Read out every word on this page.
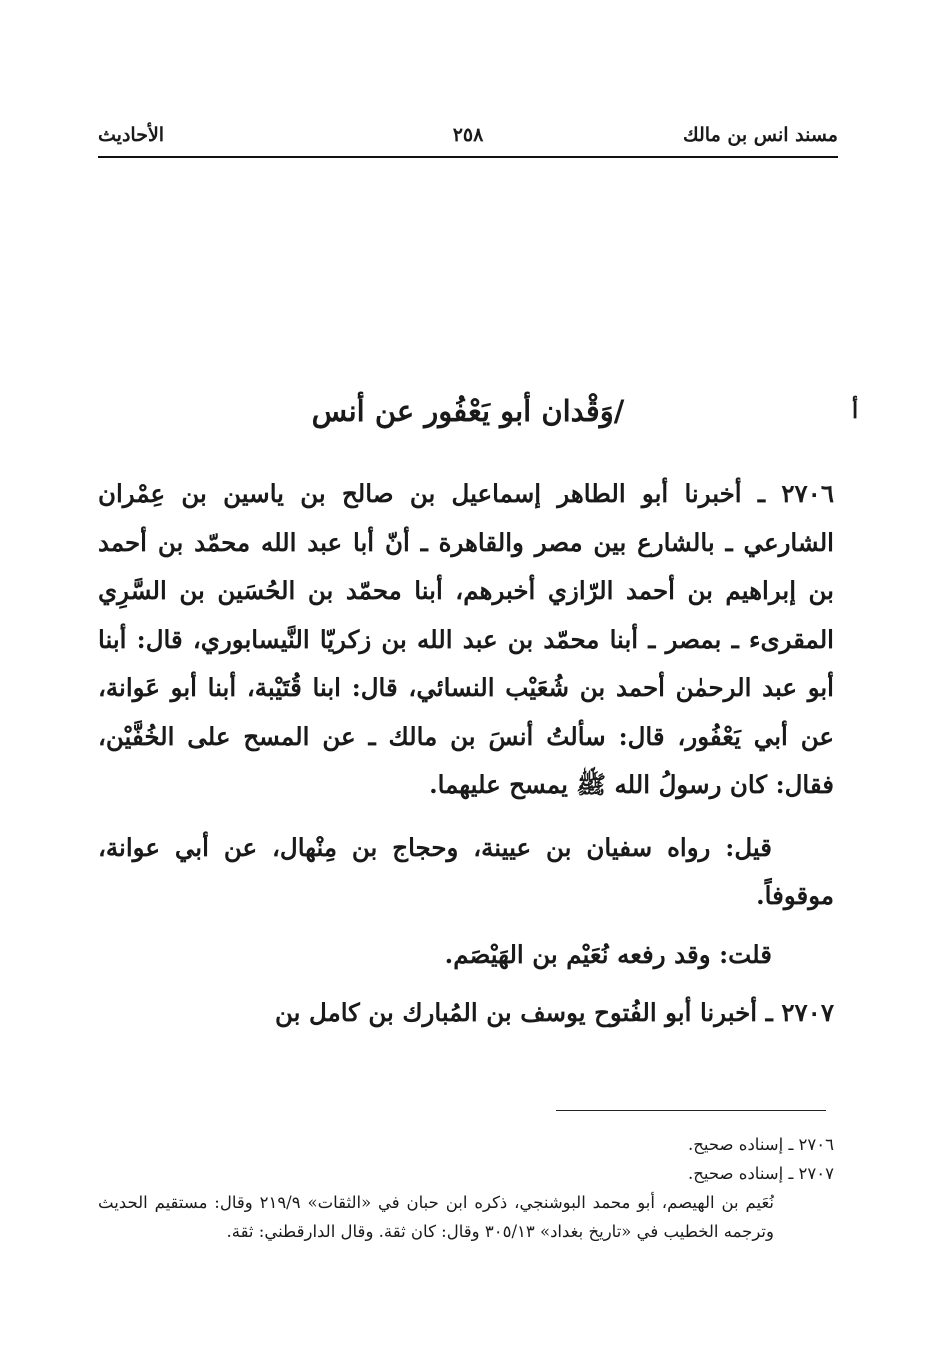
مسند انس بن مالك
٢٥٨
الأحاديث
أ
/وَقْدان أبو يَعْفُور عن أنس

٢٧٠٦ ـ أخبرنا أبو الطاهر إسماعيل بن صالح بن ياسين بن عِمْران الشارعي ـ بالشارع بين مصر والقاهرة ـ أنّ أبا عبد الله محمّد بن أحمد بن إبراهيم بن أحمد الرّازي أخبرهم، أبنا محمّد بن الحُسَين بن السَّرِي المقرىء ـ بمصر ـ أبنا محمّد بن عبد الله بن زكريّا النَّيسابوري، قال: أبنا أبو عبد الرحمٰن أحمد بن شُعَيْب النسائي، قال: ابنا قُتَيْبة، أبنا أبو عَوانة، عن أبي يَعْفُور، قال: سألتُ أنسَ بن مالك ـ عن المسح على الخُفَّيْن، فقال: كان رسولُ الله ﷺ يمسح عليهما.

قيل: رواه سفيان بن عيينة، وحجاج بن مِنْهال، عن أبي عوانة، موقوفاً.

قلت: وقد رفعه نُعَيْم بن الهَيْصَم.

٢٧٠٧ ـ أخبرنا أبو الفُتوح يوسف بن المُبارك بن كامل بن

٢٧٠٦ ـ إسناده صحيح.

٢٧٠٧ ـ إسناده صحيح.

نُعَيم بن الهيصم، أبو محمد البوشنجي، ذكره ابن حبان في «الثقات» ٢١٩/٩ وقال: مستقيم الحديث وترجمه الخطيب في «تاريخ بغداد» ٣٠٥/١٣ وقال: كان ثقة. وقال الدارقطني: ثقة.
